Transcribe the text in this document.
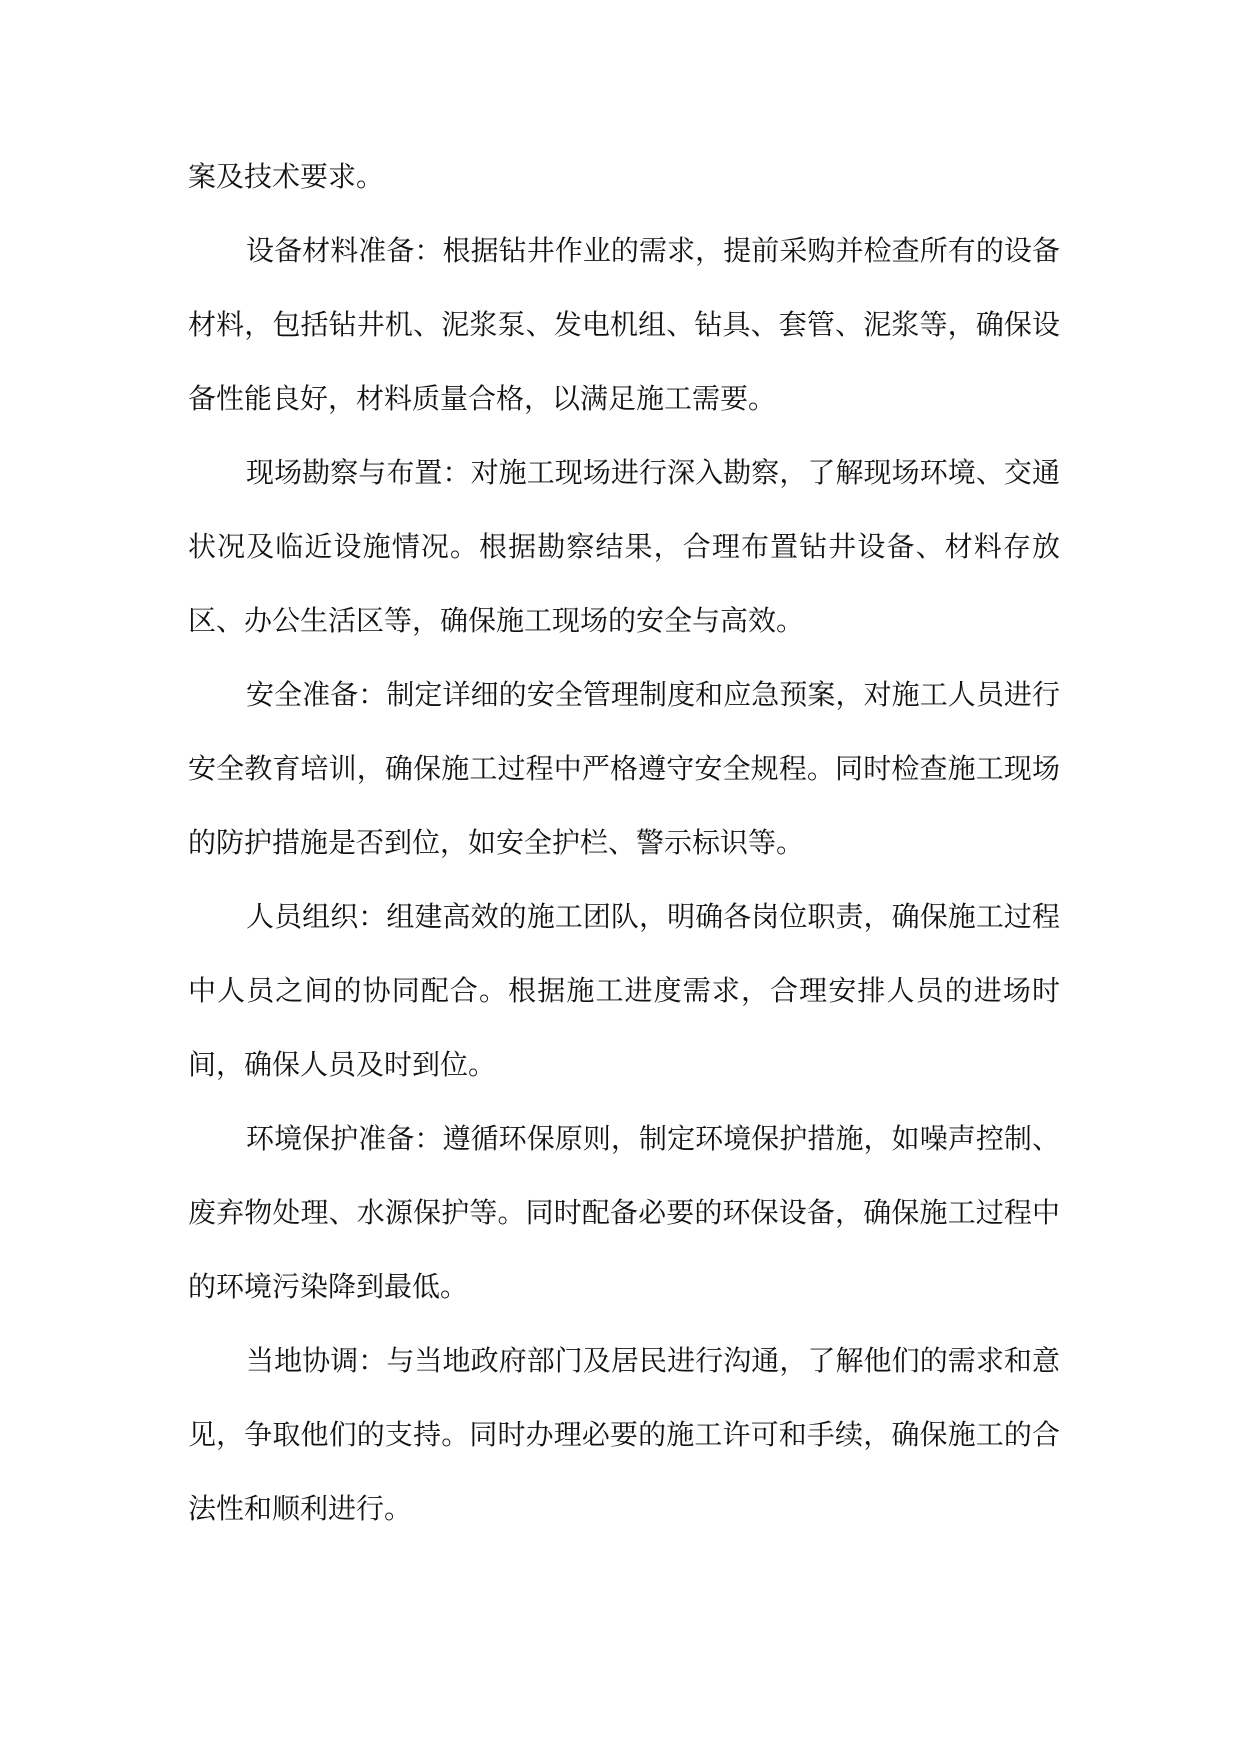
案及技术要求。

设备材料准备：根据钻井作业的需求，提前采购并检查所有的设备材料，包括钻井机、泥浆泵、发电机组、钻具、套管、泥浆等，确保设备性能良好，材料质量合格，以满足施工需要。

现场勘察与布置：对施工现场进行深入勘察，了解现场环境、交通状况及临近设施情况。根据勘察结果，合理布置钻井设备、材料存放区、办公生活区等，确保施工现场的安全与高效。

安全准备：制定详细的安全管理制度和应急预案，对施工人员进行安全教育培训，确保施工过程中严格遵守安全规程。同时检查施工现场的防护措施是否到位，如安全护栏、警示标识等。

人员组织：组建高效的施工团队，明确各岗位职责，确保施工过程中人员之间的协同配合。根据施工进度需求，合理安排人员的进场时间，确保人员及时到位。

环境保护准备：遵循环保原则，制定环境保护措施，如噪声控制、废弃物处理、水源保护等。同时配备必要的环保设备，确保施工过程中的环境污染降到最低。

当地协调：与当地政府部门及居民进行沟通，了解他们的需求和意见，争取他们的支持。同时办理必要的施工许可和手续，确保施工的合法性和顺利进行。
